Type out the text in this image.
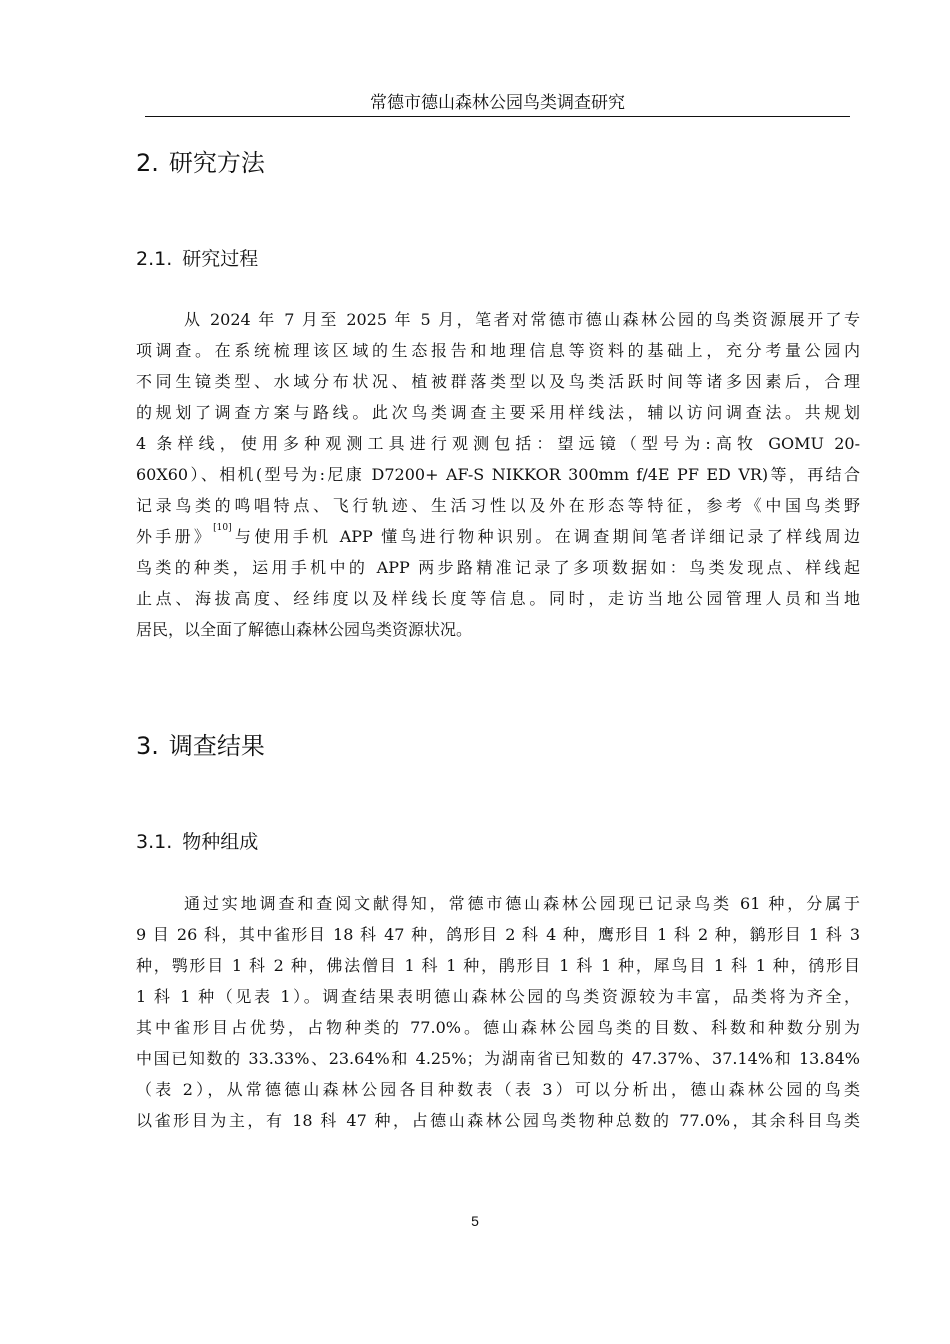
常德市德山森林公园鸟类调查研究
2. 研究方法
2.1. 研究过程
从 2024 年 7 月至 2025 年 5 月，笔者对常德市德山森林公园的鸟类资源展开了专
项调查。在系统梳理该区域的生态报告和地理信息等资料的基础上，充分考量公园内
不同生镜类型、水域分布状况、植被群落类型以及鸟类活跃时间等诸多因素后，合理
的规划了调查方案与路线。此次鸟类调查主要采用样线法，辅以访问调查法。共规划
4 条样线，使用多种观测工具进行观测包括：望远镜（型号为:高牧 GOMU 20-
60X60）、相机(型号为:尼康 D7200+ AF-S NIKKOR 300mm f/4E PF ED VR)等，再结合
记录鸟类的鸣唱特点、飞行轨迹、生活习性以及外在形态等特征，参考《中国鸟类野
外手册》[10]与使用手机 APP 懂鸟进行物种识别。在调查期间笔者详细记录了样线周边
鸟类的种类，运用手机中的 APP 两步路精准记录了多项数据如：鸟类发现点、样线起
止点、海拔高度、经纬度以及样线长度等信息。同时，走访当地公园管理人员和当地
居民，以全面了解德山森林公园鸟类资源状况。
3. 调查结果
3.1. 物种组成
通过实地调查和查阅文献得知，常德市德山森林公园现已记录鸟类 61 种，分属于
9 目 26 科，其中雀形目 18 科 47 种，鸽形目 2 科 4 种，鹰形目 1 科 2 种，鹟形目 1 科 3
种，鹗形目 1 科 2 种，佛法僧目 1 科 1 种，鹃形目 1 科 1 种，犀鸟目 1 科 1 种，鸻形目
1 科 1 种（见表 1）。调查结果表明德山森林公园的鸟类资源较为丰富，品类将为齐全，
其中雀形目占优势，占物种类的 77.0%。德山森林公园鸟类的目数、科数和种数分别为
中国已知数的 33.33%、23.64%和 4.25%；为湖南省已知数的 47.37%、37.14%和 13.84%
（表 2），从常德德山森林公园各目种数表（表 3）可以分析出，德山森林公园的鸟类
以雀形目为主，有 18 科 47 种，占德山森林公园鸟类物种总数的 77.0%，其余科目鸟类
5
